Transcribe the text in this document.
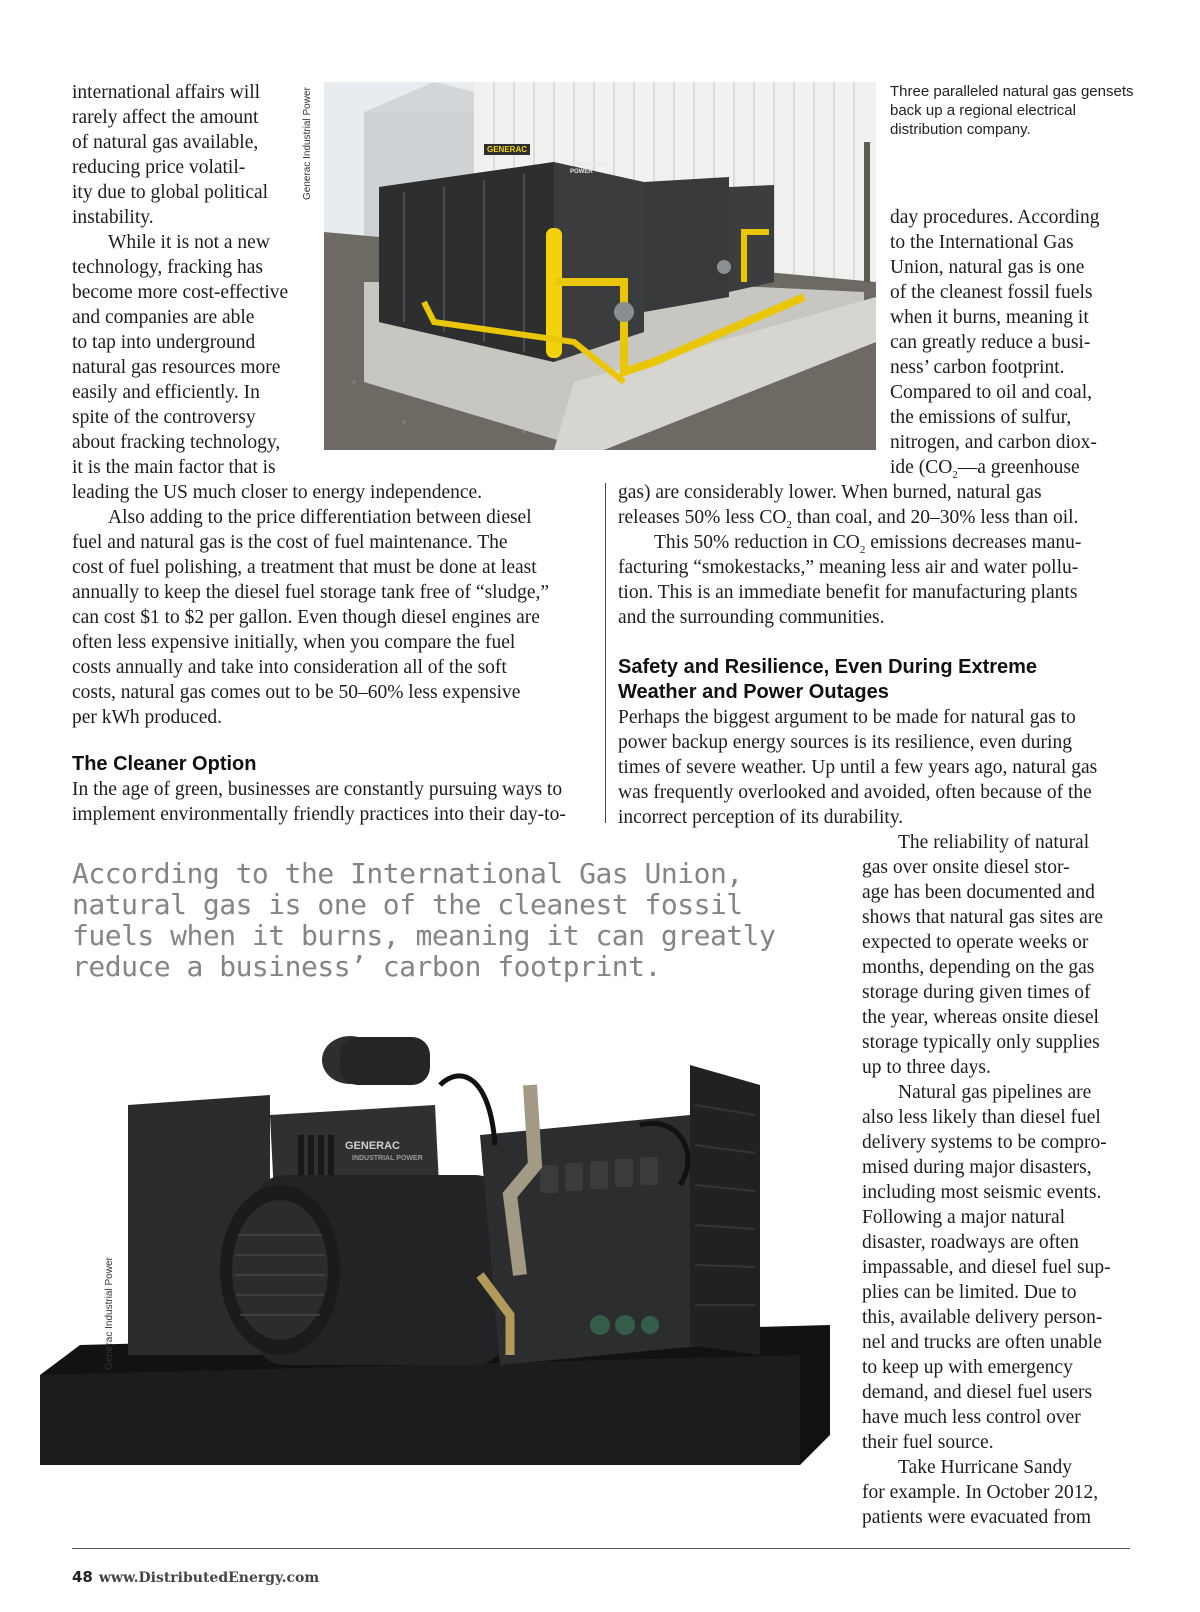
GENERAC
INDUSTRIAL POWER
Generac Industrial Power	Three paralleled natural gas gensets back up a regional electrical distribution company.
international affairs will
rarely affect the amount
of natural gas available,
reducing price volatil-
ity due to global political
instability.
While it is not a new
technology, fracking has
become more cost-effective
and companies are able
to tap into underground
natural gas resources more
easily and efficiently. In
spite of the controversy
about fracking technology,
it is the main factor that is
leading the US much closer to energy independence.
Also adding to the price differentiation between diesel
fuel and natural gas is the cost of fuel maintenance. The
cost of fuel polishing, a treatment that must be done at least
annually to keep the diesel fuel storage tank free of “sludge,”
can cost $1 to $2 per gallon. Even though diesel engines are
often less expensive initially, when you compare the fuel
costs annually and take into consideration all of the soft
costs, natural gas comes out to be 50–60% less expensive
per kWh produced.
The Cleaner Option
In the age of green, businesses are constantly pursuing ways to
implement environmentally friendly practices into their day-to-
day procedures. According
to the International Gas
Union, natural gas is one
of the cleanest fossil fuels
when it burns, meaning it
can greatly reduce a busi-
ness’ carbon footprint.
Compared to oil and coal,
the emissions of sulfur,
nitrogen, and carbon diox-
ide ($CO_2—a$ greenhouse
gas) are considerably lower. When burned, natural gas
releases 50% less $CO_2$ than coal, and 20–30% less than oil.
This 50% reduction in $CO_2$ emissions decreases manu-
facturing “smokestacks,” meaning less air and water pollu-
tion. This is an immediate benefit for manufacturing plants
and the surrounding communities.
Safety and Resilience, Even During Extreme
Weather and Power Outages
Perhaps the biggest argument to be made for natural gas to
power backup energy sources is its resilience, even during
times of severe weather. Up until a few years ago, natural gas
was frequently overlooked and avoided, often because of the
incorrect perception of its durability.
According to the International Gas Union, natural gas is one of the cleanest fossil fuels when it burns, meaning it can greatly reduce a business’ carbon footprint.
GENERAC
INDUSTRIAL POWER
Generac Industrial Power
The reliability of natural
gas over onsite diesel stor-
age has been documented and
shows that natural gas sites are
expected to operate weeks or
months, depending on the gas
storage during given times of
the year, whereas onsite diesel
storage typically only supplies
up to three days.
Natural gas pipelines are
also less likely than diesel fuel
delivery systems to be compro-
mised during major disasters,
including most seismic events.
Following a major natural
disaster, roadways are often
impassable, and diesel fuel sup-
plies can be limited. Due to
this, available delivery person-
nel and trucks are often unable
to keep up with emergency
demand, and diesel fuel users
have much less control over
their fuel source.
Take Hurricane Sandy
for example. In October 2012,
patients were evacuated from
48 www.DistributedEnergy.com
